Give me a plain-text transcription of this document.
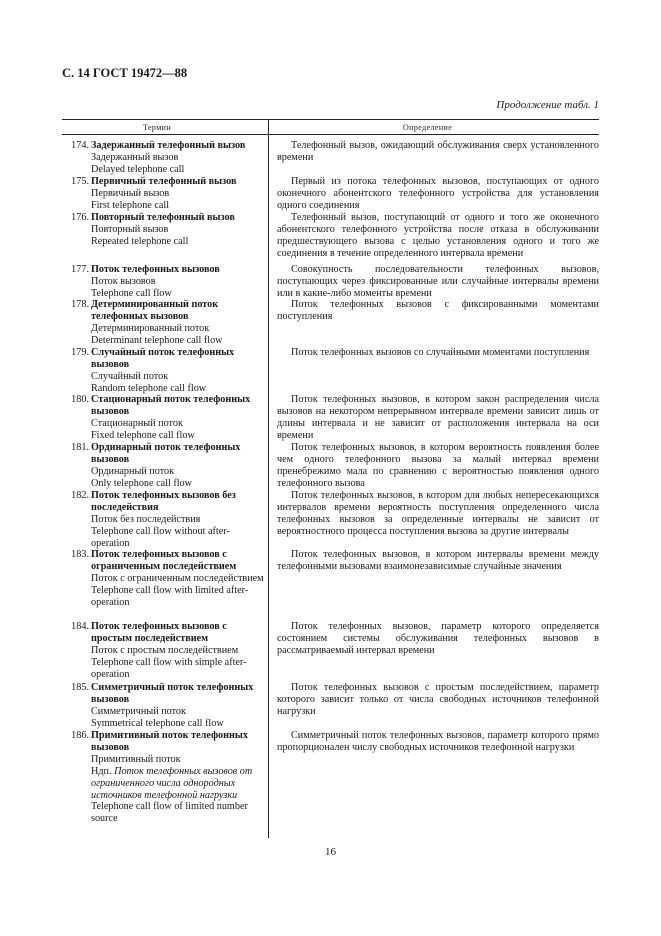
С. 14 ГОСТ 19472—88
Продолжение табл. 1
Термин	Определение
174. Задержанный телефонный вызов
Задержанный вызов
Delayed telephone call
175. Первичный телефонный вызов
Первичный вызов
First telephone call
176. Повторный телефонный вызов
Повторный вызов
Repeated telephone call
177. Поток телефонных вызовов
Поток вызовов
Telephone call flow
178. Детерминированный поток телефонных вызовов
Детерминированный поток
Determinant telephone call flow
179. Случайный поток телефонных вызовов
Случайный поток
Random telephone call flow
180. Стационарный поток телефонных вызовов
Стационарный поток
Fixed telephone call flow
181. Ординарный поток телефонных вызовов
Ординарный поток
Only telephone call flow
182. Поток телефонных вызовов без последействия
Поток без последействия
Telephone call flow without after-operation
183. Поток телефонных вызовов с ограниченным последействием
Поток с ограниченным последействием
Telephone call flow with limited after-operation
184. Поток телефонных вызовов с простым последействием
Поток с простым последействием
Telephone call flow with simple after-operation
185. Симметричный поток телефонных вызовов
Симметричный поток
Symmetrical telephone call flow
186. Примитивный поток телефонных вызовов
Примитивный поток
Ндп. Поток телефонных вызовов от ограниченного числа однородных источников телефонной нагрузки
Telephone call flow of limited number source
Телефонный вызов, ожидающий обслуживания сверх установленного времени
Первый из потока телефонных вызовов, поступающих от одного оконечного абонентского телефонного устройства для установления одного соединения
Телефонный вызов, поступающий от одного и того же оконечного абонентского телефонного устройства после отказа в обслуживании предшествующего вызова с целью установления одного и того же соединения в течение определенного интервала времени
Совокупность последовательности телефонных вызовов, поступающих через фиксированные или случайные интервалы времени или в какие-либо моменты времени
Поток телефонных вызовов с фиксированными моментами поступления
Поток телефонных вызовов со случайными моментами поступления
Поток телефонных вызовов, в котором закон распределения числа вызовов на некотором непрерывном интервале времени зависит лишь от длины интервала и не зависит от расположения интервала на оси времени
Поток телефонных вызовов, в котором вероятность появления более чем одного телефонного вызова за малый интервал времени пренебрежимо мала по сравнению с вероятностью появления одного телефонного вызова
Поток телефонных вызовов, в котором для любых непересекающихся интервалов времени вероятность поступления определенного числа телефонных вызовов за определенные интервалы не зависит от вероятностного процесса поступления вызова за другие интервалы
Поток телефонных вызовов, в котором интервалы времени между телефонными вызовами взаимонезависимые случайные значения
Поток телефонных вызовов, параметр которого определяется состоянием системы обслуживания телефонных вызовов в рассматриваемый интервал времени
Поток телефонных вызовов с простым последействием, параметр которого зависит только от числа свободных источников телефонной нагрузки
Симметричный поток телефонных вызовов, параметр которого прямо пропорционален числу свободных источников телефонной нагрузки
16
